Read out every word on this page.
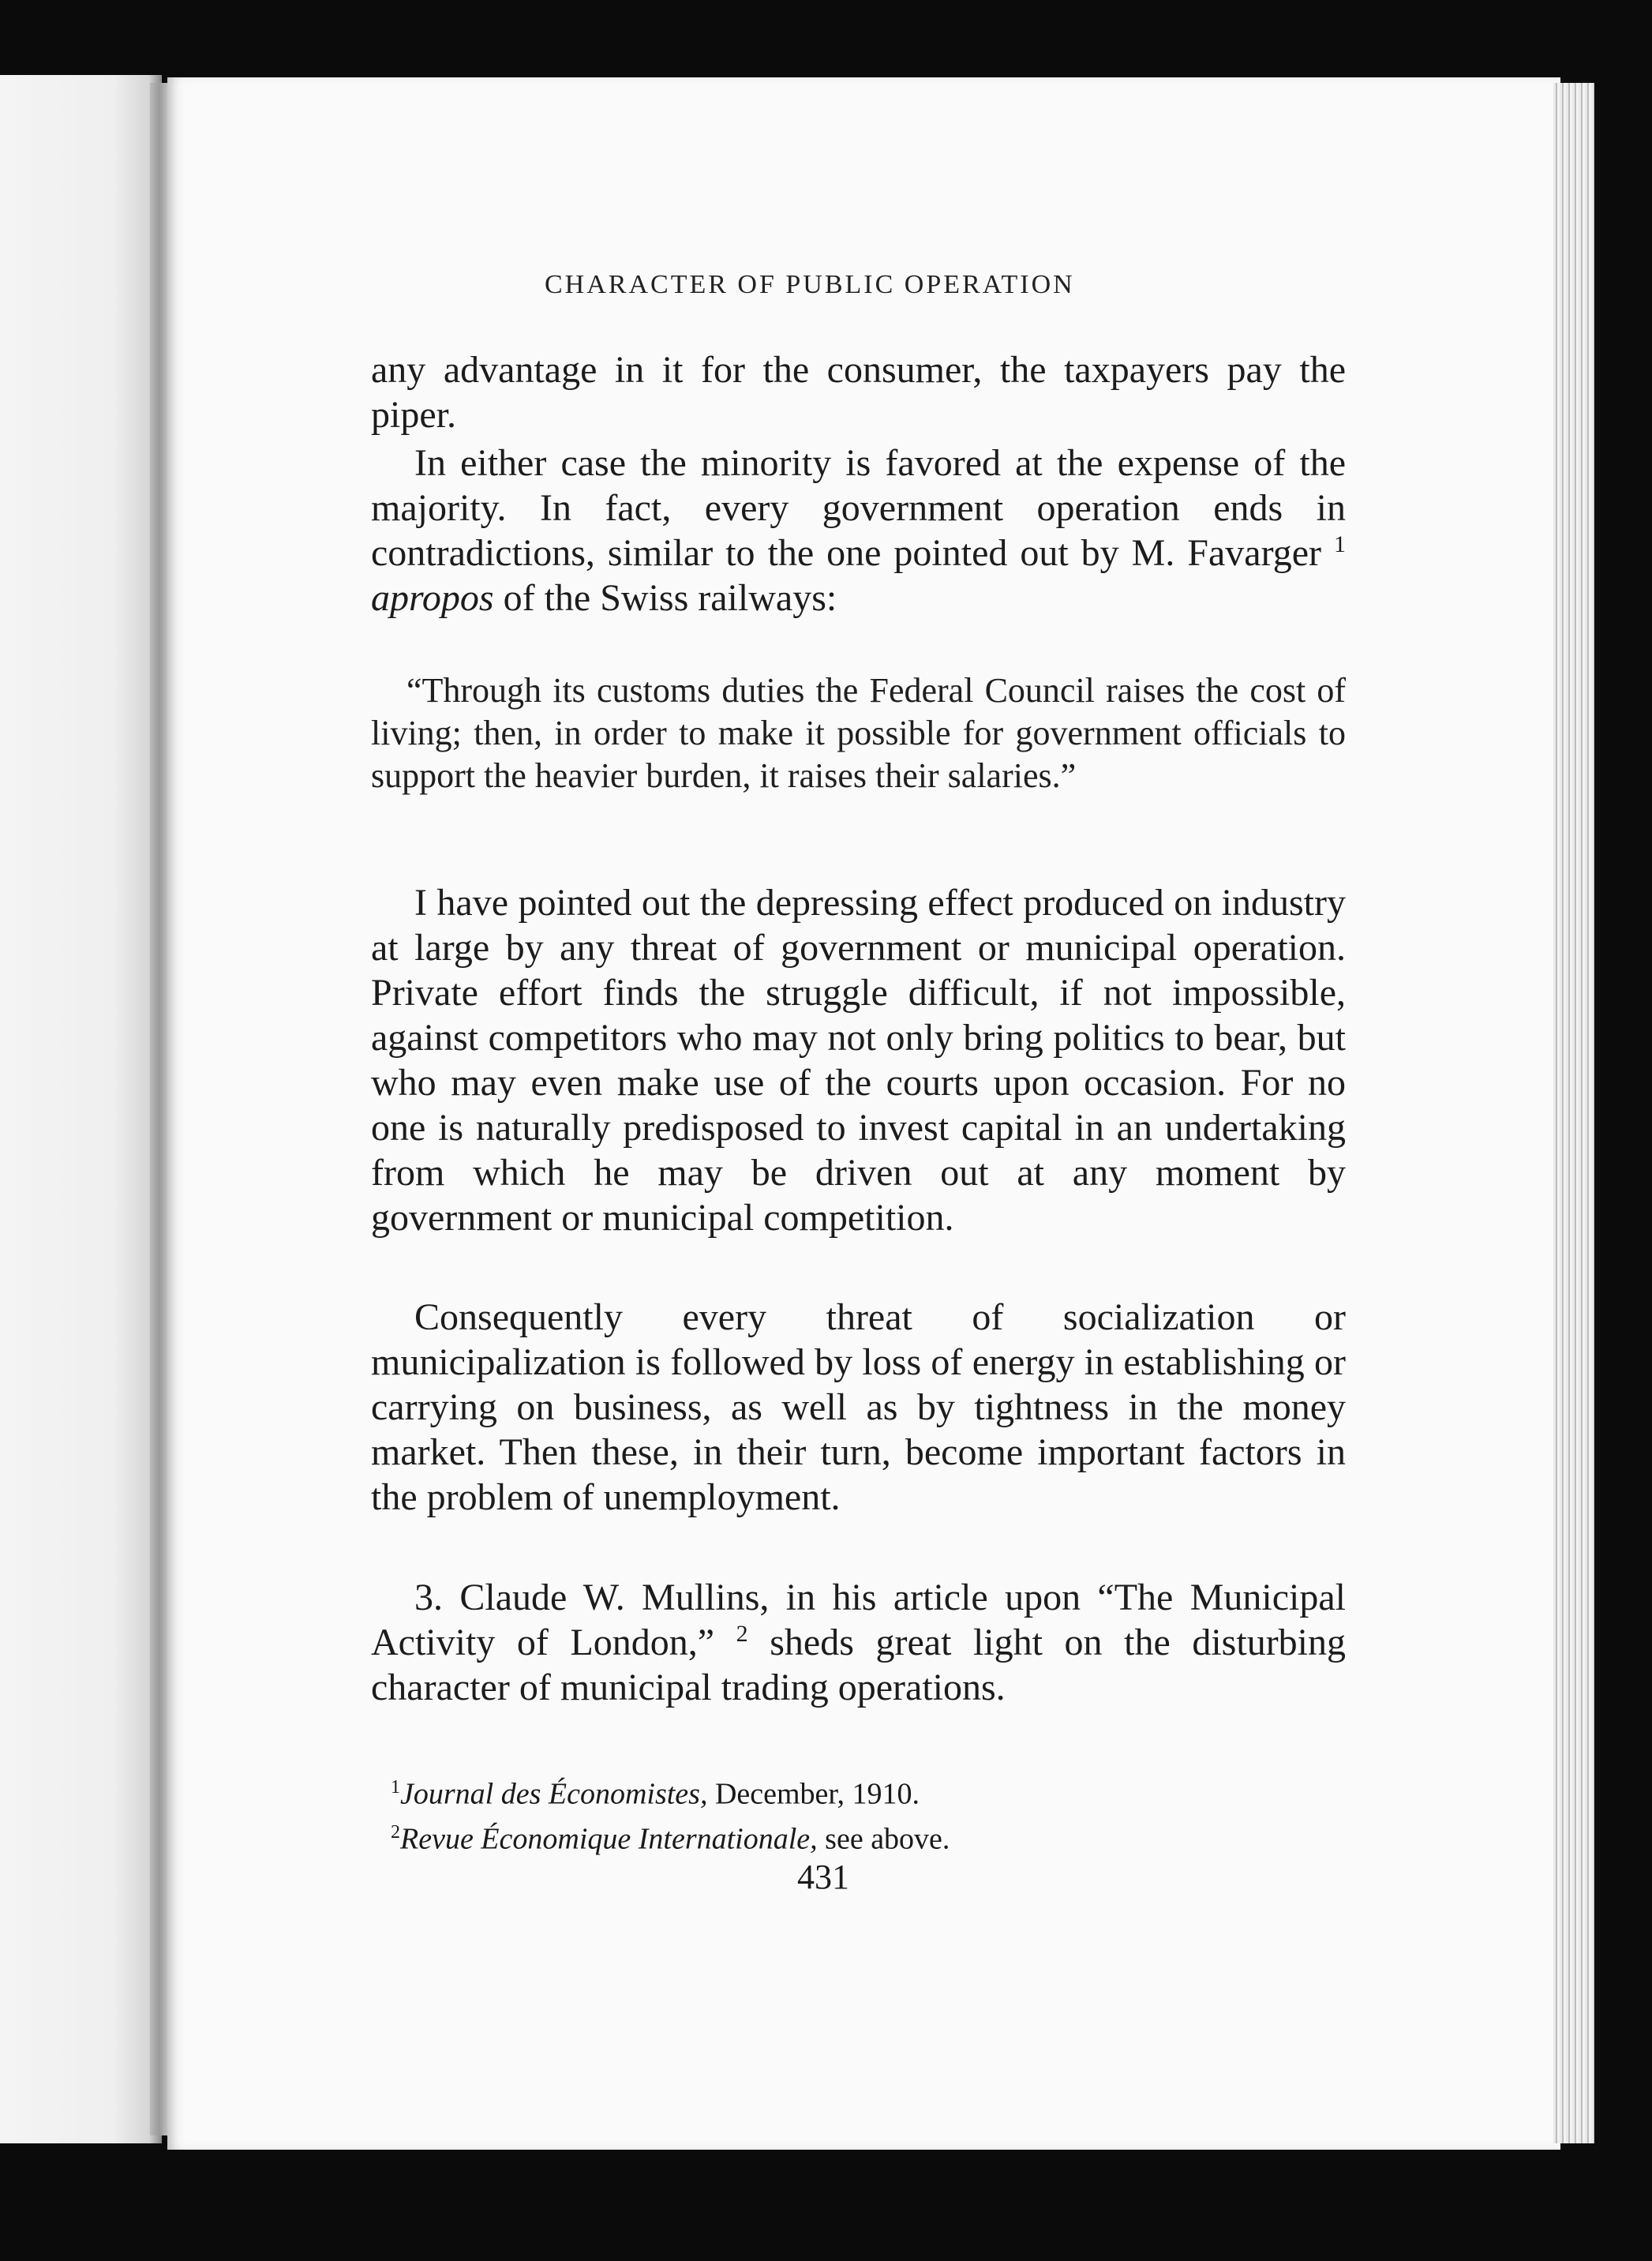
CHARACTER OF PUBLIC OPERATION
any advantage in it for the consumer, the taxpayers pay the piper.
In either case the minority is favored at the expense of the majority. In fact, every government operation ends in contradictions, similar to the one pointed out by M. Favarger $^1$ apropos of the Swiss railways:
“Through its customs duties the Federal Council raises the cost of living; then, in order to make it possible for government officials to support the heavier burden, it raises their salaries.”
I have pointed out the depressing effect produced on industry at large by any threat of government or municipal operation. Private effort finds the struggle difficult, if not impossible, against competitors who may not only bring politics to bear, but who may even make use of the courts upon occasion. For no one is naturally predisposed to invest capital in an undertaking from which he may be driven out at any moment by government or municipal competition.
Consequently every threat of socialization or municipalization is followed by loss of energy in establishing or carrying on business, as well as by tightness in the money market. Then these, in their turn, become important factors in the problem of unemployment.
3. Claude W. Mullins, in his article upon “The Municipal Activity of London,” $^2$ sheds great light on the disturbing character of municipal trading operations.
$^1$Journal des Économistes, December, 1910.
$^2$Revue Économique Internationale, see above.
431
